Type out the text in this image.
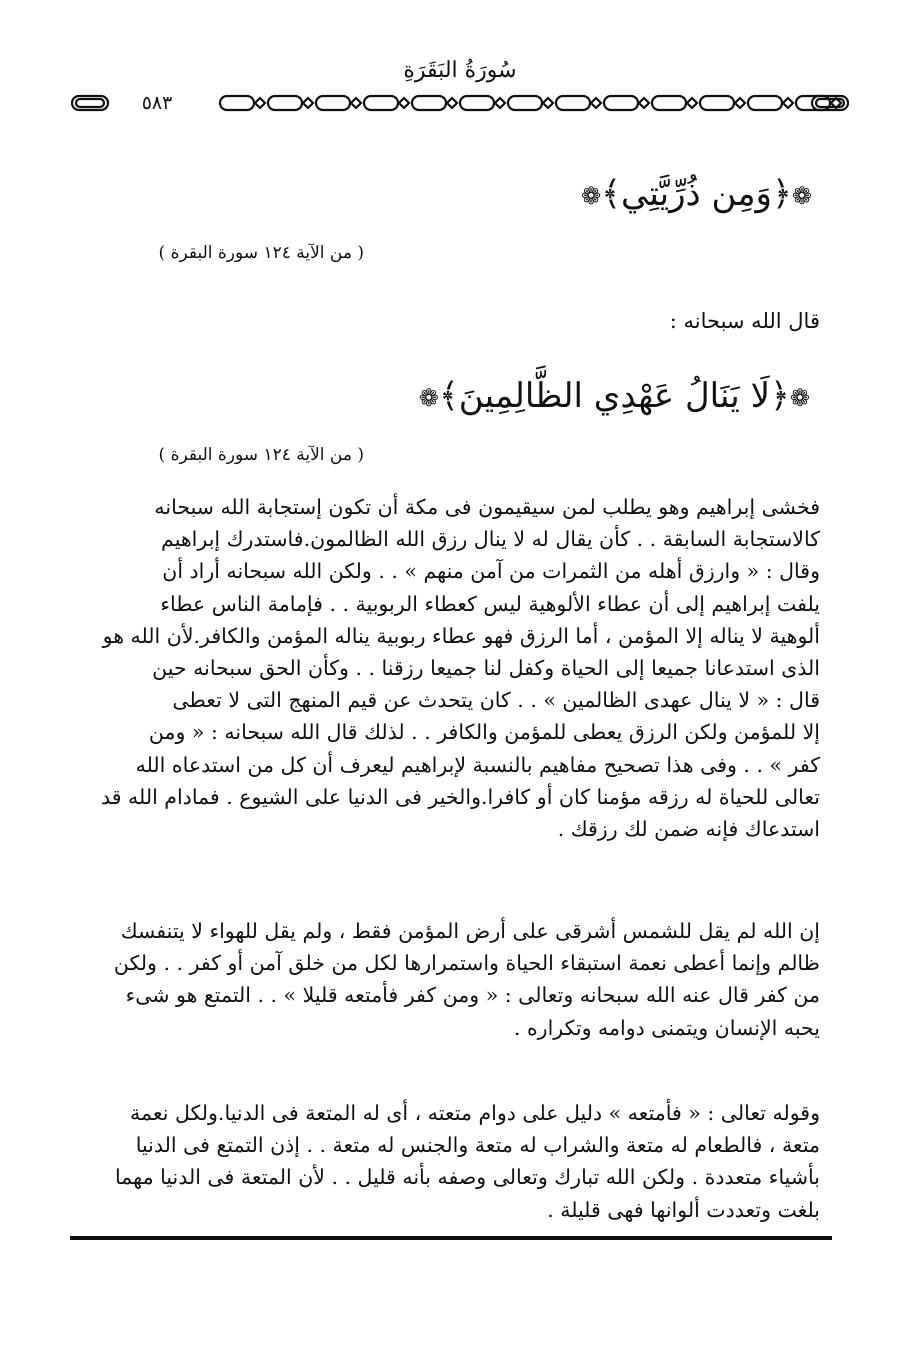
سُورَةُ البَقَرَةِ
٥٨٣
❁﴿وَمِن ذُرِّيَّتِي﴾❁
( من الآية ١٢٤ سورة البقرة )
قال الله سبحانه :
❁﴿لَا يَنَالُ عَهْدِي الظَّالِمِينَ﴾❁
( من الآية ١٢٤ سورة البقرة )
فخشى إبراهيم وهو يطلب لمن سيقيمون فى مكة أن تكون إستجابة الله سبحانه
كالاستجابة السابقة . . كأن يقال له لا ينال رزق الله الظالمون.فاستدرك إبراهيم
وقال : « وارزق أهله من الثمرات من آمن منهم » . . ولكن الله سبحانه أراد أن
يلفت إبراهيم إلى أن عطاء الألوهية ليس كعطاء الربوبية . . فإمامة الناس عطاء
ألوهية لا يناله إلا المؤمن ، أما الرزق فهو عطاء ربوبية يناله المؤمن والكافر.لأن الله هو
الذى استدعانا جميعا إلى الحياة وكفل لنا جميعا رزقنا . . وكأن الحق سبحانه حين
قال : « لا ينال عهدى الظالمين » . . كان يتحدث عن قيم المنهج التى لا تعطى
إلا للمؤمن ولكن الرزق يعطى للمؤمن والكافر . . لذلك قال الله سبحانه : « ومن
كفر » . . وفى هذا تصحيح مفاهيم بالنسبة لإبراهيم ليعرف أن كل من استدعاه الله
تعالى للحياة له رزقه مؤمنا كان أو كافرا.والخير فى الدنيا على الشيوع . فمادام الله قد
استدعاك فإنه ضمن لك رزقك .
إن الله لم يقل للشمس أشرقى على أرض المؤمن فقط ، ولم يقل للهواء لا يتنفسك
ظالم وإنما أعطى نعمة استبقاء الحياة واستمرارها لكل من خلق آمن أو كفر . . ولكن
من كفر قال عنه الله سبحانه وتعالى : « ومن كفر فأمتعه قليلا » . . التمتع هو شىء
يحبه الإنسان ويتمنى دوامه وتكراره .
وقوله تعالى : « فأمتعه » دليل على دوام متعته ، أى له المتعة فى الدنيا.ولكل نعمة
متعة ، فالطعام له متعة والشراب له متعة والجنس له متعة . . إذن التمتع فى الدنيا
بأشياء متعددة . ولكن الله تبارك وتعالى وصفه بأنه قليل . . لأن المتعة فى الدنيا مهما
بلغت وتعددت ألوانها فهى قليلة .
